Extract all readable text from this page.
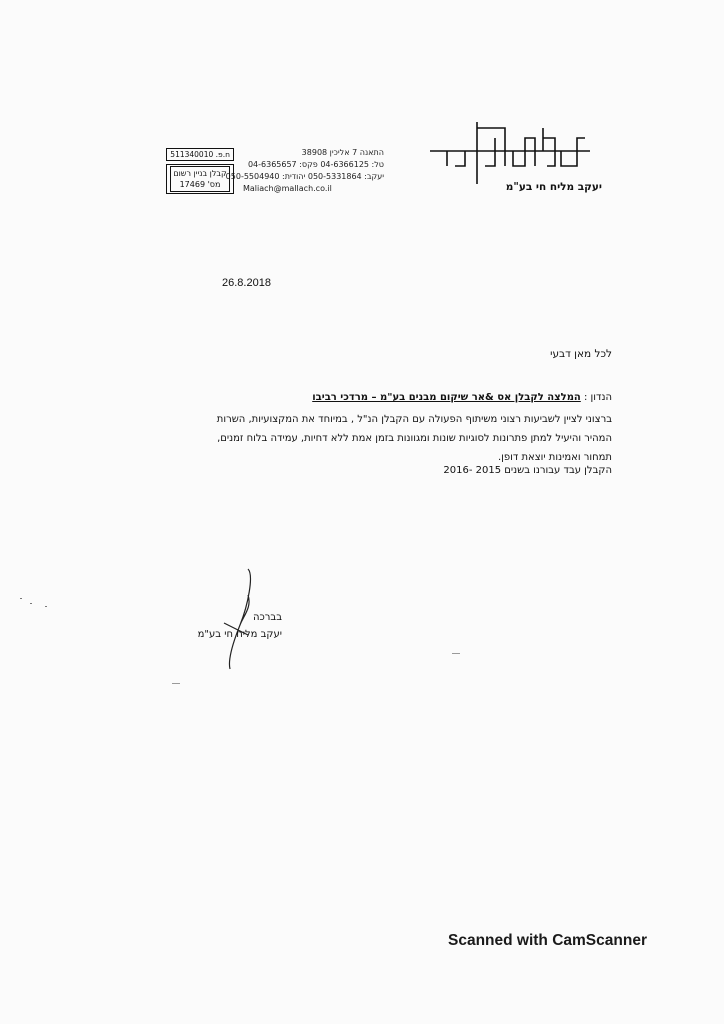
יעקב מליח חי בע"מ
התאנה 7 אליכין 38908
טל: 04-6366125 פקס: 04-6365657
יעקב: 050-5331864 יהודית: 050-5504940
Maliach@mallach.co.il
ח.פ. 511340010
קבלן בניין רשום
מס' 17469
26.8.2018
לכל מאן דבעי
הנדון : המלצה לקבלן אס &אר שיקום מבנים בע"מ – מרדכי רביבו
ברצוני לציין לשביעות רצוני משיתוף הפעולה עם הקבלן הנ"ל , במיוחד את המקצועיות, השרות המהיר והיעיל למתן פתרונות לסוגיות שונות ומגוונות בזמן אמת ללא דחיות, עמידה בלוח זמנים, תמחור ואמינות יוצאת דופן.
הקבלן עבד עבורנו בשנים 2015 -2016
בברכה
יעקב מליח חי בע"מ
Scanned with CamScanner
